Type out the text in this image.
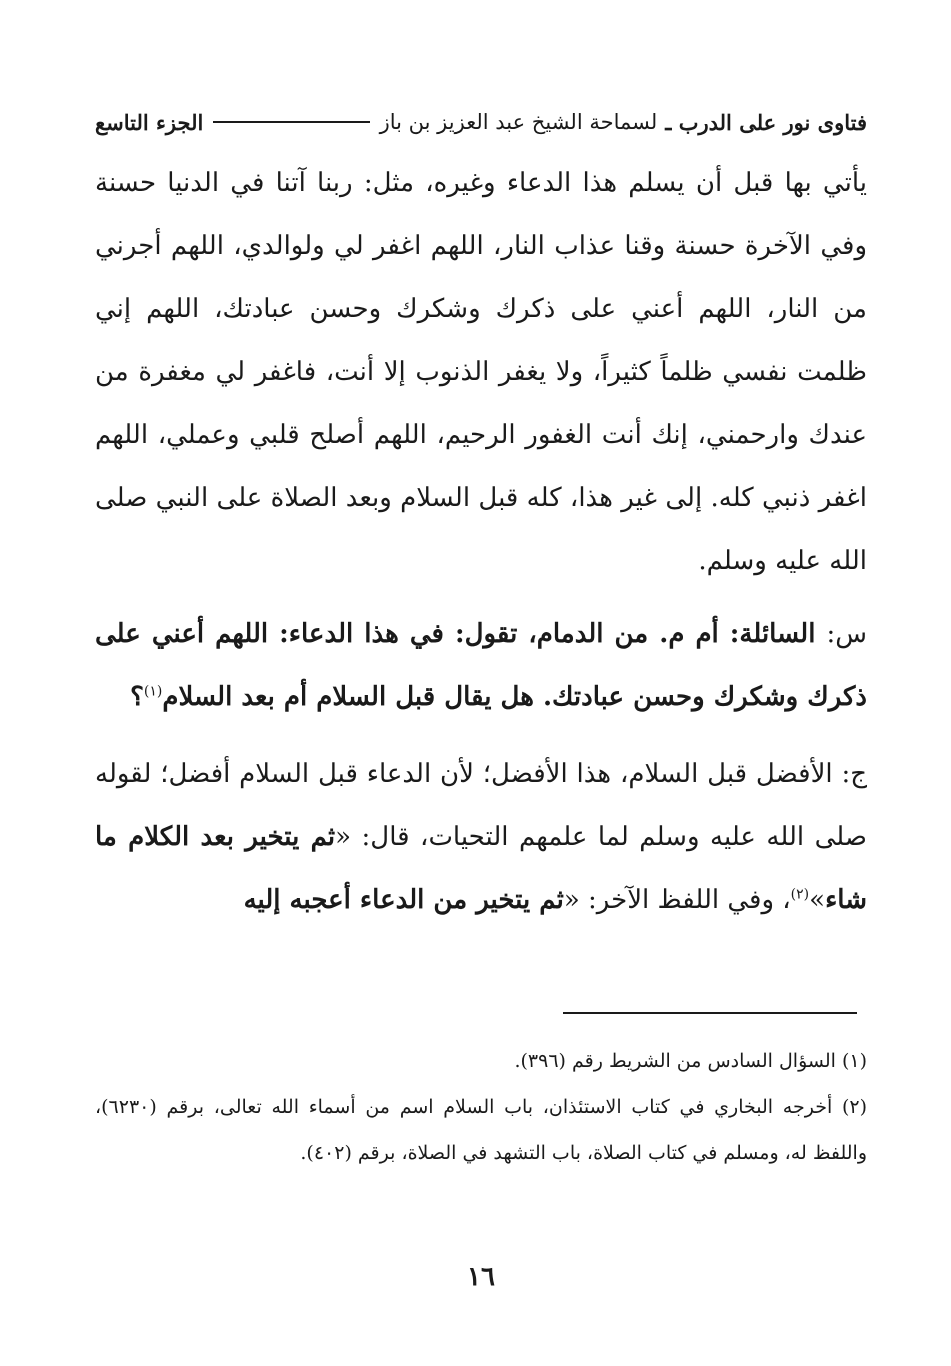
فتاوى نور على الدرب ـ
لسماحة الشيخ عبد العزيز بن باز
الجزء التاسع

يأتي بها قبل أن يسلم هذا الدعاء وغيره، مثل: ربنا آتنا في الدنيا حسنة وفي الآخرة حسنة وقنا عذاب النار، اللهم اغفر لي ولوالدي، اللهم أجرني من النار، اللهم أعني على ذكرك وشكرك وحسن عبادتك، اللهم إني ظلمت نفسي ظلماً كثيراً، ولا يغفر الذنوب إلا أنت، فاغفر لي مغفرة من عندك وارحمني، إنك أنت الغفور الرحيم، اللهم أصلح قلبي وعملي، اللهم اغفر ذنبي كله. إلى غير هذا، كله قبل السلام وبعد الصلاة على النبي صلى الله عليه وسلم.

س: السائلة: أم م. من الدمام، تقول: في هذا الدعاء: اللهم أعني على ذكرك وشكرك وحسن عبادتك. هل يقال قبل السلام أم بعد السلام$^{(١)}$؟

ج: الأفضل قبل السلام، هذا الأفضل؛ لأن الدعاء قبل السلام أفضل؛ لقوله صلى الله عليه وسلم لما علمهم التحيات، قال: «ثم يتخير بعد الكلام ما شاء»$^{(٢)}$، وفي اللفظ الآخر: «ثم يتخير من الدعاء أعجبه إليه

(١) السؤال السادس من الشريط رقم (٣٩٦).

(٢) أخرجه البخاري في كتاب الاستئذان، باب السلام اسم من أسماء الله تعالى، برقم (٦٢٣٠)، واللفظ له، ومسلم في كتاب الصلاة، باب التشهد في الصلاة، برقم (٤٠٢).

١٦
